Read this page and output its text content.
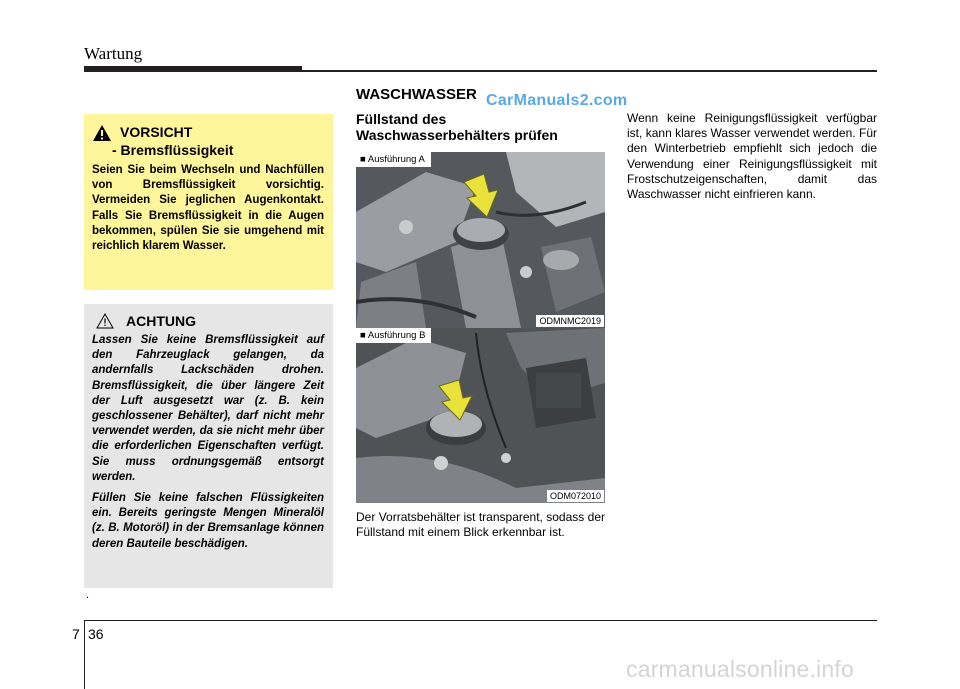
Wartung
WASCHWASSER CarManuals2.com
VORSICHT
- Bremsflüssigkeit
Seien Sie beim Wechseln und Nachfüllen von Bremsflüssigkeit vorsichtig. Vermeiden Sie jeglichen Augenkontakt. Falls Sie Bremsflüssigkeit in die Augen bekommen, spülen Sie sie umgehend mit reichlich klarem Wasser.
ACHTUNG
Lassen Sie keine Bremsflüssigkeit auf den Fahrzeuglack gelangen, da andernfalls Lackschäden drohen. Bremsflüssigkeit, die über längere Zeit der Luft ausgesetzt war (z. B. kein geschlossener Behälter), darf nicht mehr verwendet werden, da sie nicht mehr über die erforderlichen Eigenschaften verfügt. Sie muss ordnungsgemäß entsorgt werden.
Füllen Sie keine falschen Flüssigkeiten ein. Bereits geringste Mengen Mineralöl (z. B. Motoröl) in der Bremsanlage können deren Bauteile beschädigen.
.
Füllstand des
Waschwasserbehälters prüfen
■ Ausführung A
ODMNMC2019
■ Ausführung B
ODM072010
Der Vorratsbehälter ist transparent, sodass der Füllstand mit einem Blick erkennbar ist.
Wenn keine Reinigungsflüssigkeit verfügbar ist, kann klares Wasser verwendet werden. Für den Winterbetrieb empfiehlt sich jedoch die Verwendung einer Reinigungsflüssigkeit mit Frostschutzeigenschaften, damit das Waschwasser nicht einfrieren kann.
7 36
carmanualsonline.info
